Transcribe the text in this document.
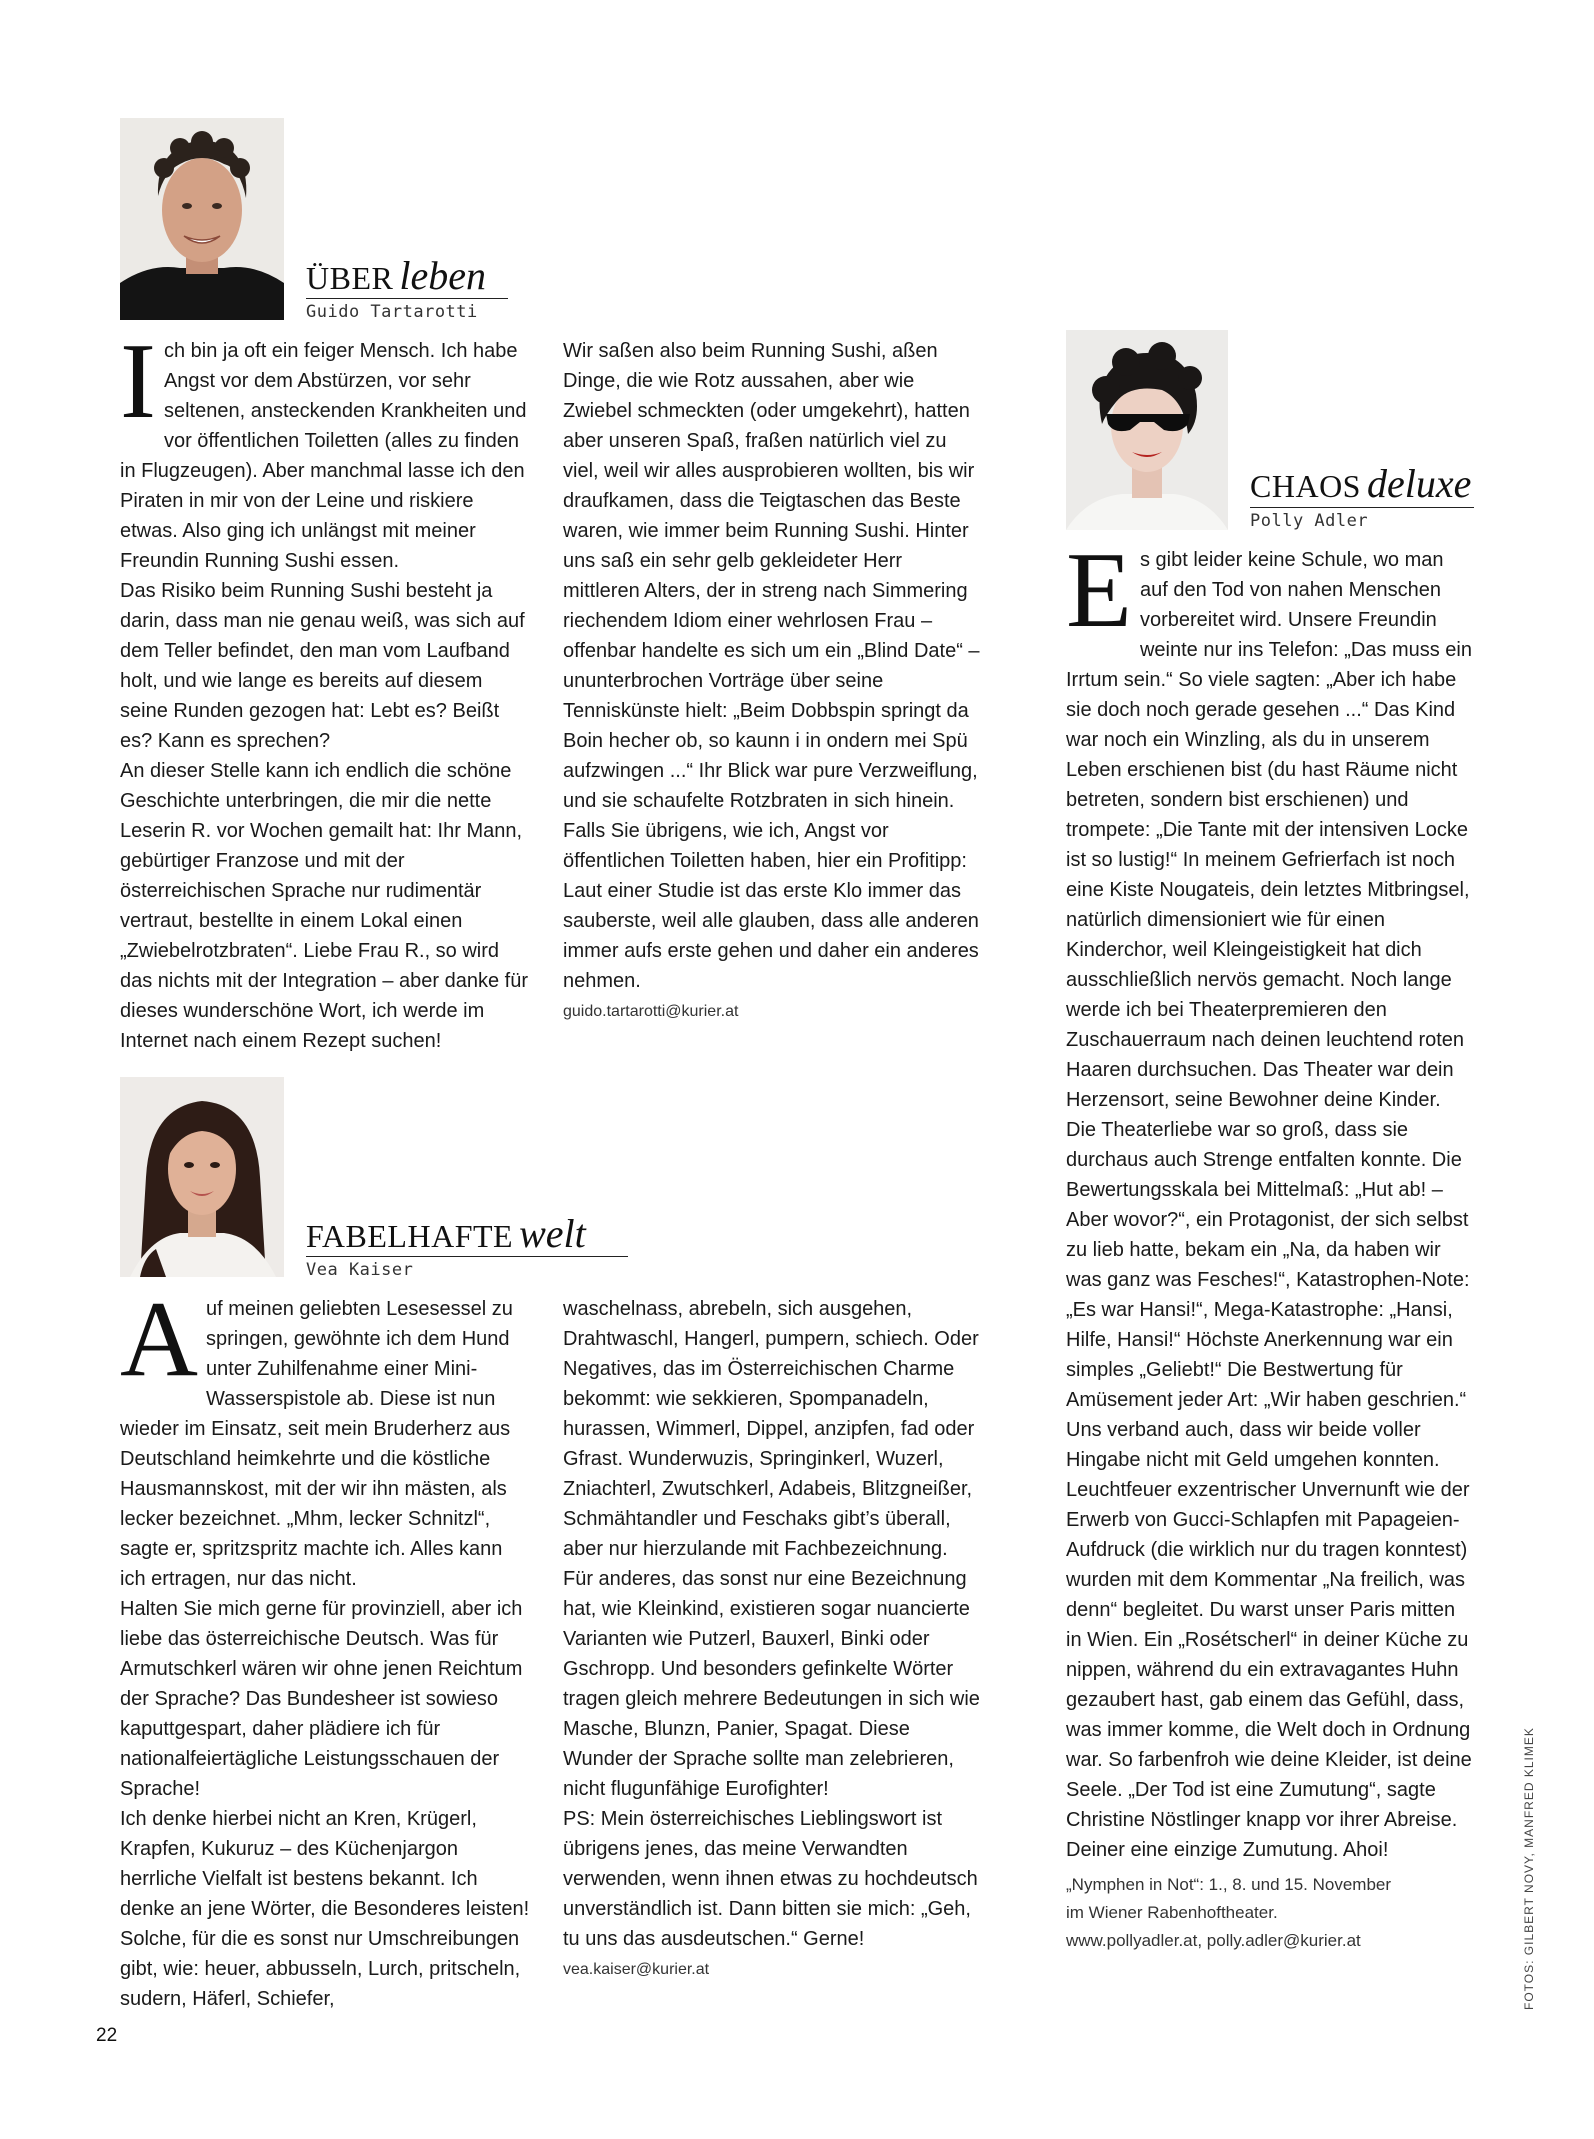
ÜBER leben
Guido Tartarotti
I ch bin ja oft ein feiger Mensch. Ich habe Angst vor dem Abstürzen, vor sehr seltenen, ansteckenden Krankheiten und vor öffentlichen Toiletten (alles zu finden in Flugzeugen). Aber manchmal lasse ich den Piraten in mir von der Leine und riskiere etwas. Also ging ich unlängst mit meiner Freundin Running Sushi essen.

Das Risiko beim Running Sushi besteht ja darin, dass man nie genau weiß, was sich auf dem Teller befindet, den man vom Laufband holt, und wie lange es bereits auf diesem seine Runden gezogen hat: Lebt es? Beißt es? Kann es sprechen?

An dieser Stelle kann ich endlich die schöne Geschichte unterbringen, die mir die nette Leserin R. vor Wochen gemailt hat: Ihr Mann, gebürtiger Franzose und mit der österreichischen Sprache nur rudimentär vertraut, bestellte in einem Lokal einen „Zwiebelrotzbraten“. Liebe Frau R., so wird das nichts mit der Integration – aber danke für dieses wunderschöne Wort, ich werde im Internet nach einem Rezept suchen!

Wir saßen also beim Running Sushi, aßen Dinge, die wie Rotz aussahen, aber wie Zwiebel schmeckten (oder umgekehrt), hatten aber unseren Spaß, fraßen natürlich viel zu viel, weil wir alles ausprobieren wollten, bis wir draufkamen, dass die Teigtaschen das Beste waren, wie immer beim Running Sushi. Hinter uns saß ein sehr gelb gekleideter Herr mittleren Alters, der in streng nach Simmering riechendem Idiom einer wehrlosen Frau – offenbar handelte es sich um ein „Blind Date“ – ununterbrochen Vorträge über seine Tenniskünste hielt: „Beim Dobbspin springt da Boin hecher ob, so kaunn i in ondern mei Spü aufzwingen ...“ Ihr Blick war pure Verzweiflung, und sie schaufelte Rotzbraten in sich hinein.

Falls Sie übrigens, wie ich, Angst vor öffentlichen Toiletten haben, hier ein Profitipp: Laut einer Studie ist das erste Klo immer das sauberste, weil alle glauben, dass alle anderen immer aufs erste gehen und daher ein anderes nehmen.

guido.tartarotti@kurier.at

FABELHAFTE welt
Vea Kaiser
A uf meinen geliebten Lesesessel zu springen, gewöhnte ich dem Hund unter Zuhilfenahme einer Mini-Wasserspistole ab. Diese ist nun wieder im Einsatz, seit mein Bruderherz aus Deutschland heimkehrte und die köstliche Hausmannskost, mit der wir ihn mästen, als lecker bezeichnet. „Mhm, lecker Schnitzl“, sagte er, spritzspritz machte ich. Alles kann ich ertragen, nur das nicht.

Halten Sie mich gerne für provinziell, aber ich liebe das österreichische Deutsch. Was für Armutschkerl wären wir ohne jenen Reichtum der Sprache? Das Bundesheer ist sowieso kaputtgespart, daher plädiere ich für nationalfeiertägliche Leistungsschauen der Sprache!

Ich denke hierbei nicht an Kren, Krügerl, Krapfen, Kukuruz – des Küchenjargon herrliche Vielfalt ist bestens bekannt. Ich denke an jene Wörter, die Besonderes leisten! Solche, für die es sonst nur Umschreibungen gibt, wie: heuer, abbusseln, Lurch, pritscheln, sudern, Häferl, Schiefer,

waschelnass, abrebeln, sich ausgehen, Drahtwaschl, Hangerl, pumpern, schiech. Oder Negatives, das im Österreichischen Charme bekommt: wie sekkieren, Spompanadeln, hurassen, Wimmerl, Dippel, anzipfen, fad oder Gfrast. Wunderwuzis, Springinkerl, Wuzerl, Zniachterl, Zwutschkerl, Adabeis, Blitzgneißer, Schmähtandler und Feschaks gibt’s überall, aber nur hierzulande mit Fachbezeichnung.

Für anderes, das sonst nur eine Bezeichnung hat, wie Kleinkind, existieren sogar nuancierte Varianten wie Putzerl, Bauxerl, Binki oder Gschropp. Und besonders gefinkelte Wörter tragen gleich mehrere Bedeutungen in sich wie Masche, Blunzn, Panier, Spagat. Diese Wunder der Sprache sollte man zelebrieren, nicht flugunfähige Eurofighter!

PS: Mein österreichisches Lieblingswort ist übrigens jenes, das meine Verwandten verwenden, wenn ihnen etwas zu hochdeutsch unverständlich ist. Dann bitten sie mich: „Geh, tu uns das ausdeutschen.“ Gerne!

vea.kaiser@kurier.at

CHAOS deluxe
Polly Adler
E s gibt leider keine Schule, wo man auf den Tod von nahen Menschen vorbereitet wird. Unsere Freundin weinte nur ins Telefon: „Das muss ein Irrtum sein.“ So viele sagten: „Aber ich habe sie doch noch gerade gesehen ...“ Das Kind war noch ein Winzling, als du in unserem Leben erschienen bist (du hast Räume nicht betreten, sondern bist erschienen) und trompete: „Die Tante mit der intensiven Locke ist so lustig!“ In meinem Gefrierfach ist noch eine Kiste Nougateis, dein letztes Mitbringsel, natürlich dimensioniert wie für einen Kinderchor, weil Kleingeistigkeit hat dich ausschließlich nervös gemacht. Noch lange werde ich bei Theaterpremieren den Zuschauerraum nach deinen leuchtend roten Haaren durchsuchen. Das Theater war dein Herzensort, seine Bewohner deine Kinder. Die Theaterliebe war so groß, dass sie durchaus auch Strenge entfalten konnte. Die Bewertungsskala bei Mittelmaß: „Hut ab! – Aber wovor?“, ein Protagonist, der sich selbst zu lieb hatte, bekam ein „Na, da haben wir was ganz was Fesches!“, Katastrophen-Note: „Es war Hansi!“, Mega-Katastrophe: „Hansi, Hilfe, Hansi!“ Höchste Anerkennung war ein simples „Geliebt!“ Die Bestwertung für Amüsement jeder Art: „Wir haben geschrien.“ Uns verband auch, dass wir beide voller Hingabe nicht mit Geld umgehen konnten. Leuchtfeuer exzentrischer Unvernunft wie der Erwerb von Gucci-Schlapfen mit Papageien-Aufdruck (die wirklich nur du tragen konntest) wurden mit dem Kommentar „Na freilich, was denn“ begleitet. Du warst unser Paris mitten in Wien. Ein „Rosétscherl“ in deiner Küche zu nippen, während du ein extravagantes Huhn gezaubert hast, gab einem das Gefühl, dass, was immer komme, die Welt doch in Ordnung war. So farbenfroh wie deine Kleider, ist deine Seele. „Der Tod ist eine Zumutung“, sagte Christine Nöstlinger knapp vor ihrer Abreise. Deiner eine einzige Zumutung. Ahoi!

„Nymphen in Not“: 1., 8. und 15. November

im Wiener Rabenhoftheater.

www.pollyadler.at, polly.adler@kurier.at

22
FOTOS: GILBERT NOVY, MANFRED KLIMEK
